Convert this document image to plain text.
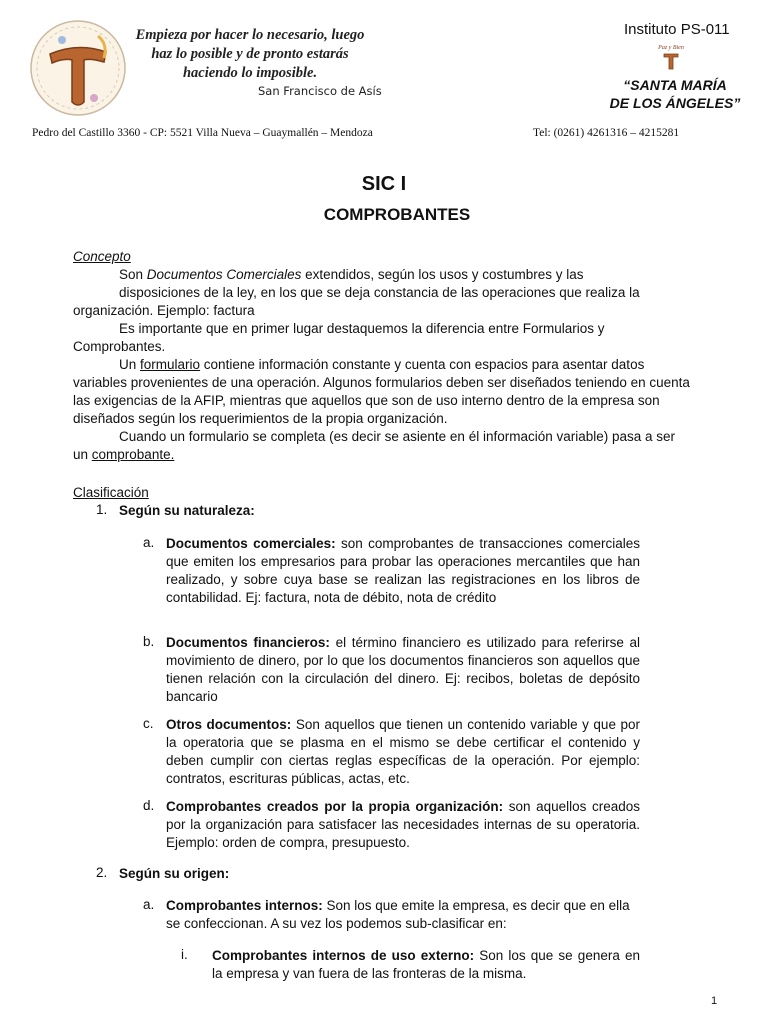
Empieza por hacer lo necesario, luego
haz lo posible y de pronto estarás
haciendo lo imposible.
San Francisco de Asís
Instituto PS-011
Paz y Bien
“SANTA MARÍA
DE LOS ÁNGELES”
Pedro del Castillo 3360 - CP: 5521 Villa Nueva – Guaymallén – Mendoza	Tel: (0261) 4261316 – 4215281
SIC I
COMPROBANTES
Concepto
Son Documentos Comerciales extendidos, según los usos y costumbres y las
disposiciones de la ley, en los que se deja constancia de las operaciones que realiza la
organización. Ejemplo: factura
Es importante que en primer lugar destaquemos la diferencia entre Formularios y
Comprobantes.
Un formulario contiene información constante y cuenta con espacios para asentar datos
variables provenientes de una operación. Algunos formularios deben ser diseñados teniendo en cuenta
las exigencias de la AFIP, mientras que aquellos que son de uso interno dentro de la empresa son
diseñados según los requerimientos de la propia organización.
Cuando un formulario se completa (es decir se asiente en él información variable) pasa a ser
un comprobante.
Clasificación
1. Según su naturaleza:
a. Documentos comerciales: son comprobantes de transacciones comerciales que emiten los empresarios para probar las operaciones mercantiles que han realizado, y sobre cuya base se realizan las registraciones en los libros de contabilidad. Ej: factura, nota de débito, nota de crédito
b. Documentos financieros: el término financiero es utilizado para referirse al movimiento de dinero, por lo que los documentos financieros son aquellos que tienen relación con la circulación del dinero. Ej: recibos, boletas de depósito bancario
c. Otros documentos: Son aquellos que tienen un contenido variable y que por la operatoria que se plasma en el mismo se debe certificar el contenido y deben cumplir con ciertas reglas específicas de la operación. Por ejemplo: contratos, escrituras públicas, actas, etc.
d. Comprobantes creados por la propia organización: son aquellos creados por la organización para satisfacer las necesidades internas de su operatoria. Ejemplo: orden de compra, presupuesto.
2. Según su origen:
a. Comprobantes internos: Son los que emite la empresa, es decir que en ella se confeccionan. A su vez los podemos sub-clasificar en:
i. Comprobantes internos de uso externo: Son los que se genera en la empresa y van fuera de las fronteras de la misma.
1
